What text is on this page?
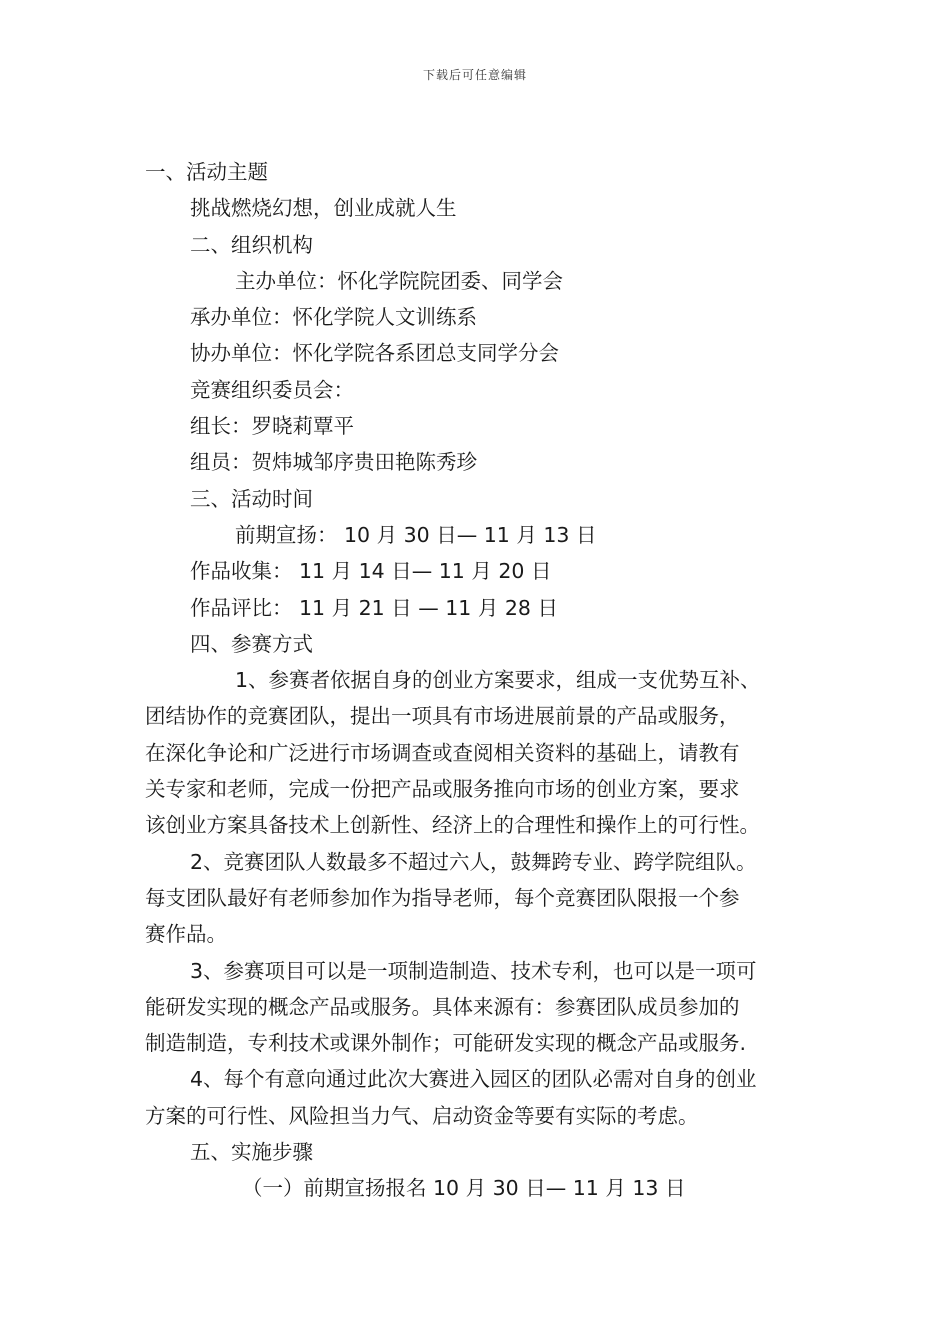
下载后可任意编辑
一、活动主题
挑战燃烧幻想，创业成就人生
二、组织机构
主办单位：怀化学院院团委、同学会
承办单位：怀化学院人文训练系
协办单位：怀化学院各系团总支同学分会
竞赛组织委员会：
组长：罗晓莉覃平
组员：贺炜城邹序贵田艳陈秀珍
三、活动时间
前期宣扬： 10 月 30 日— 11 月 13 日
作品收集： 11 月 14 日— 11 月 20 日
作品评比： 11 月 21 日 — 11 月 28 日
四、参赛方式
1、参赛者依据自身的创业方案要求，组成一支优势互补、
团结协作的竞赛团队，提出一项具有市场进展前景的产品或服务，
在深化争论和广泛进行市场调查或查阅相关资料的基础上，请教有
关专家和老师，完成一份把产品或服务推向市场的创业方案，要求
该创业方案具备技术上创新性、经济上的合理性和操作上的可行性。
2、竞赛团队人数最多不超过六人，鼓舞跨专业、跨学院组队。
每支团队最好有老师参加作为指导老师，每个竞赛团队限报一个参
赛作品。
3、参赛项目可以是一项制造制造、技术专利，也可以是一项可
能研发实现的概念产品或服务。具体来源有：参赛团队成员参加的
制造制造，专利技术或课外制作；可能研发实现的概念产品或服务.
4、每个有意向通过此次大赛进入园区的团队必需对自身的创业
方案的可行性、风险担当力气、启动资金等要有实际的考虑。
五、实施步骤
（一）前期宣扬报名 10 月 30 日— 11 月 13 日
